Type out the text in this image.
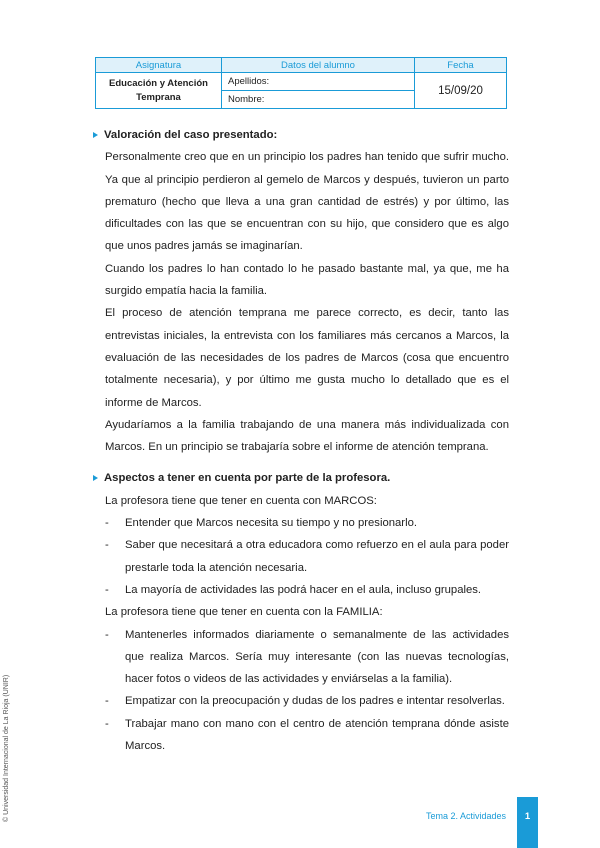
Asignatura	Datos del alumno	Fecha
Educación y Atención Temprana	Apellidos:	15/09/20
	Nombre:	
Valoración del caso presentado:

Personalmente creo que en un principio los padres han tenido que sufrir mucho. Ya que al principio perdieron al gemelo de Marcos y después, tuvieron un parto prematuro (hecho que lleva a una gran cantidad de estrés) y por último, las dificultades con las que se encuentran con su hijo, que considero que es algo que unos padres jamás se imaginarían.

Cuando los padres lo han contado lo he pasado bastante mal, ya que, me ha surgido empatía hacia la familia.

El proceso de atención temprana me parece correcto, es decir, tanto las entrevistas iniciales, la entrevista con los familiares más cercanos a Marcos, la evaluación de las necesidades de los padres de Marcos (cosa que encuentro totalmente necesaria), y por último me gusta mucho lo detallado que es el informe de Marcos.

Ayudaríamos a la familia trabajando de una manera más individualizada con Marcos. En un principio se trabajaría sobre el informe de atención temprana.

Aspectos a tener en cuenta por parte de la profesora.

La profesora tiene que tener en cuenta con MARCOS:

- Entender que Marcos necesita su tiempo y no presionarlo.
- Saber que necesitará a otra educadora como refuerzo en el aula para poder prestarle toda la atención necesaria.
- La mayoría de actividades las podrá hacer en el aula, incluso grupales.

La profesora tiene que tener en cuenta con la FAMILIA:

- Mantenerles informados diariamente o semanalmente de las actividades que realiza Marcos. Sería muy interesante (con las nuevas tecnologías, hacer fotos o videos de las actividades y enviárselas a la familia).
- Empatizar con la preocupación y dudas de los padres e intentar resolverlas.
- Trabajar mano con mano con el centro de atención temprana dónde asiste Marcos.
© Universidad Internacional de La Rioja (UNIR)	Tema 2. Actividades	1
